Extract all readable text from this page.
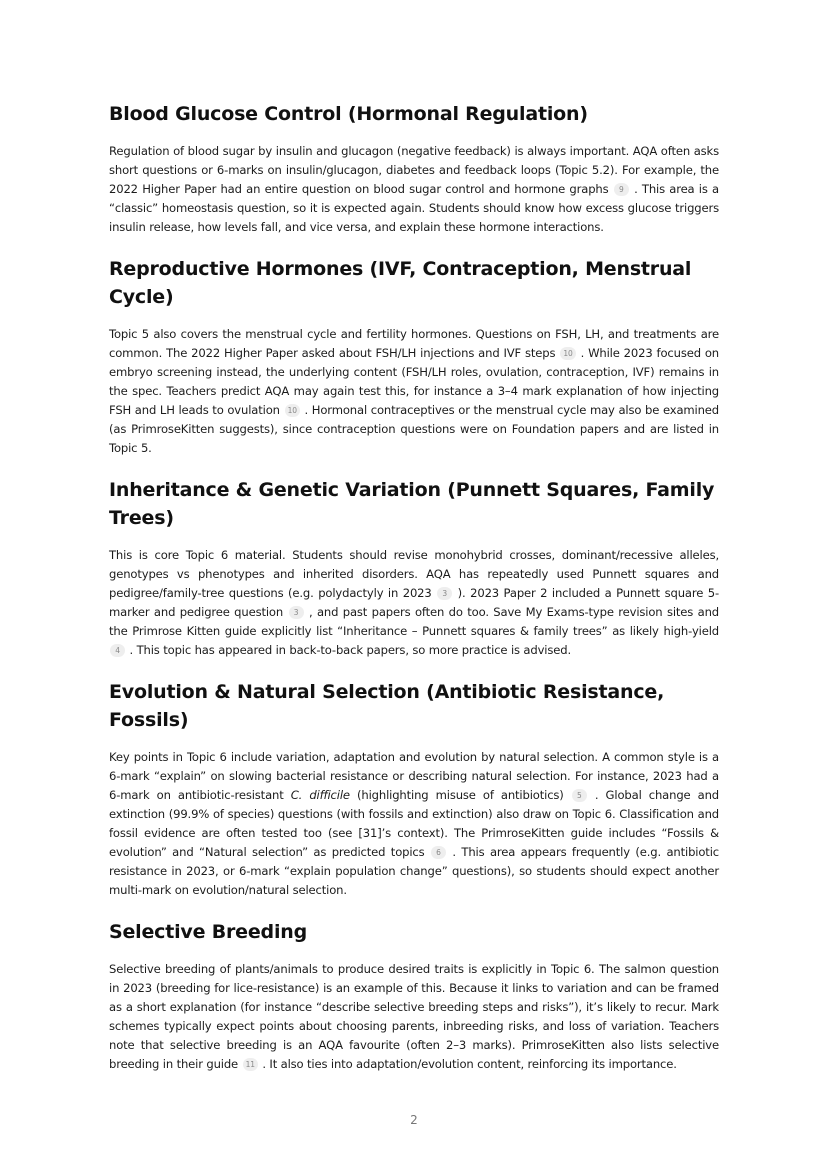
Blood Glucose Control (Hormonal Regulation)

Regulation of blood sugar by insulin and glucagon (negative feedback) is always important. AQA often asks short questions or 6-marks on insulin/glucagon, diabetes and feedback loops (Topic 5.2). For example, the 2022 Higher Paper had an entire question on blood sugar control and hormone graphs 9 . This area is a “classic” homeostasis question, so it is expected again. Students should know how excess glucose triggers insulin release, how levels fall, and vice versa, and explain these hormone interactions.

Reproductive Hormones (IVF, Contraception, Menstrual Cycle)

Topic 5 also covers the menstrual cycle and fertility hormones. Questions on FSH, LH, and treatments are common. The 2022 Higher Paper asked about FSH/LH injections and IVF steps 10 . While 2023 focused on embryo screening instead, the underlying content (FSH/LH roles, ovulation, contraception, IVF) remains in the spec. Teachers predict AQA may again test this, for instance a 3–4 mark explanation of how injecting FSH and LH leads to ovulation 10 . Hormonal contraceptives or the menstrual cycle may also be examined (as PrimroseKitten suggests), since contraception questions were on Foundation papers and are listed in Topic 5.

Inheritance & Genetic Variation (Punnett Squares, Family Trees)

This is core Topic 6 material. Students should revise monohybrid crosses, dominant/recessive alleles, genotypes vs phenotypes and inherited disorders. AQA has repeatedly used Punnett squares and pedigree/family-tree questions (e.g. polydactyly in 2023 3 ). 2023 Paper 2 included a Punnett square 5-marker and pedigree question 3 , and past papers often do too. Save My Exams-type revision sites and the Primrose Kitten guide explicitly list “Inheritance – Punnett squares & family trees” as likely high-yield 4 . This topic has appeared in back-to-back papers, so more practice is advised.

Evolution & Natural Selection (Antibiotic Resistance, Fossils)

Key points in Topic 6 include variation, adaptation and evolution by natural selection. A common style is a 6-mark “explain” on slowing bacterial resistance or describing natural selection. For instance, 2023 had a 6-mark on antibiotic-resistant C. difficile (highlighting misuse of antibiotics) 5 . Global change and extinction (99.9% of species) questions (with fossils and extinction) also draw on Topic 6. Classification and fossil evidence are often tested too (see [31]’s context). The PrimroseKitten guide includes “Fossils & evolution” and “Natural selection” as predicted topics 6 . This area appears frequently (e.g. antibiotic resistance in 2023, or 6-mark “explain population change” questions), so students should expect another multi-mark on evolution/natural selection.

Selective Breeding

Selective breeding of plants/animals to produce desired traits is explicitly in Topic 6. The salmon question in 2023 (breeding for lice-resistance) is an example of this. Because it links to variation and can be framed as a short explanation (for instance “describe selective breeding steps and risks”), it’s likely to recur. Mark schemes typically expect points about choosing parents, inbreeding risks, and loss of variation. Teachers note that selective breeding is an AQA favourite (often 2–3 marks). PrimroseKitten also lists selective breeding in their guide 11 . It also ties into adaptation/evolution content, reinforcing its importance.

2
